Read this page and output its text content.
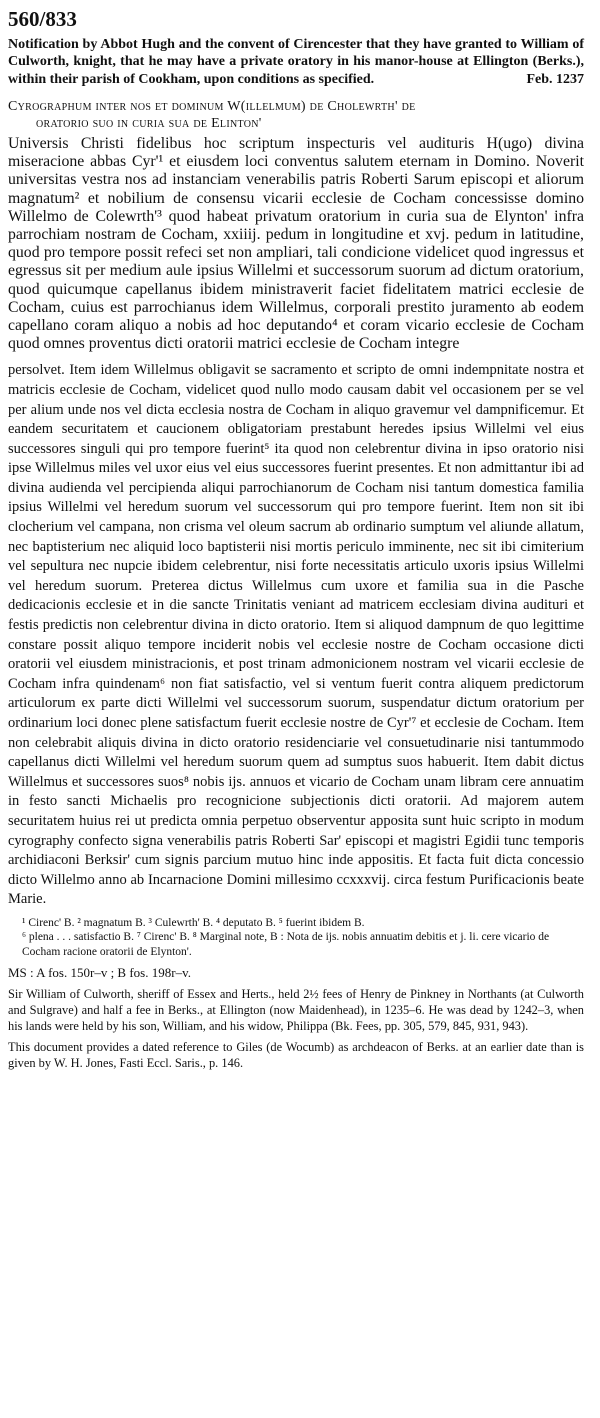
560/833

Notification by Abbot Hugh and the convent of Cirencester that they have granted to William of Culworth, knight, that he may have a private oratory in his manor-house at Ellington (Berks.), within their parish of Cookham, upon conditions as specified.	Feb. 1237

Cyrographum inter nos et dominum W(illelmum) de Cholewrth' de
oratorio suo in curia sua de Elinton'

Universis Christi fidelibus hoc scriptum inspecturis vel audituris H(ugo) divina miseracione abbas Cyr'¹ et eiusdem loci conventus salutem eternam in Domino. Noverit universitas vestra nos ad instanciam venerabilis patris Roberti Sarum episcopi et aliorum magnatum² et nobilium de consensu vicarii ecclesie de Cocham concessisse domino Willelmo de Colewrth'³ quod habeat privatum oratorium in curia sua de Elynton' infra parrochiam nostram de Cocham, xxiiij. pedum in longitudine et xvj. pedum in latitudine, quod pro tempore possit refeci set non ampliari, tali condicione videlicet quod ingressus et egressus sit per medium aule ipsius Willelmi et successorum suorum ad dictum oratorium, quod quicumque capellanus ibidem ministraverit faciet fidelitatem matrici ecclesie de Cocham, cuius est parrochianus idem Willelmus, corporali prestito juramento ab eodem capellano coram aliquo a nobis ad hoc deputando⁴ et coram vicario ecclesie de Cocham quod omnes proventus dicti oratorii matrici ecclesie de Cocham integre

persolvet. Item idem Willelmus obligavit se sacramento et scripto de omni indempnitate nostra et matricis ecclesie de Cocham, videlicet quod nullo modo causam dabit vel occasionem per se vel per alium unde nos vel dicta ecclesia nostra de Cocham in aliquo gravemur vel dampnificemur. Et eandem securitatem et caucionem obligatoriam prestabunt heredes ipsius Willelmi vel eius successores singuli qui pro tempore fuerint⁵ ita quod non celebrentur divina in ipso oratorio nisi ipse Willelmus miles vel uxor eius vel eius successores fuerint presentes. Et non admittantur ibi ad divina audienda vel percipienda aliqui parrochianorum de Cocham nisi tantum domestica familia ipsius Willelmi vel heredum suorum vel successorum qui pro tempore fuerint. Item non sit ibi clocherium vel campana, non crisma vel oleum sacrum ab ordinario sumptum vel aliunde allatum, nec baptisterium nec aliquid loco baptisterii nisi mortis periculo imminente, nec sit ibi cimiterium vel sepultura nec nupcie ibidem celebrentur, nisi forte necessitatis articulo uxoris ipsius Willelmi vel heredum suorum. Preterea dictus Willelmus cum uxore et familia sua in die Pasche dedicacionis ecclesie et in die sancte Trinitatis veniant ad matricem ecclesiam divina audituri et festis predictis non celebrentur divina in dicto oratorio. Item si aliquod dampnum de quo legittime constare possit aliquo tempore inciderit nobis vel ecclesie nostre de Cocham occasione dicti oratorii vel eiusdem ministracionis, et post trinam admonicionem nostram vel vicarii ecclesie de Cocham infra quindenam⁶ non fiat satisfactio, vel si ventum fuerit contra aliquem predictorum articulorum ex parte dicti Willelmi vel successorum suorum, suspendatur dictum oratorium per ordinarium loci donec plene satisfactum fuerit ecclesie nostre de Cyr'⁷ et ecclesie de Cocham. Item non celebrabit aliquis divina in dicto oratorio residenciarie vel consuetudinarie nisi tantummodo capellanus dicti Willelmi vel heredum suorum quem ad sumptus suos habuerit. Item dabit dictus Willelmus et successores suos⁸ nobis ijs. annuos et vicario de Cocham unam libram cere annuatim in festo sancti Michaelis pro recognicione subjectionis dicti oratorii. Ad majorem autem securitatem huius rei ut predicta omnia perpetuo observentur apposita sunt huic scripto in modum cyrography confecto signa venerabilis patris Roberti Sar' episcopi et magistri Egidii tunc temporis archidiaconi Berksir' cum signis parcium mutuo hinc inde appositis. Et facta fuit dicta concessio dicto Willelmo anno ab Incarnacione Domini millesimo ccxxxvij. circa festum Purificacionis beate Marie.

¹ Cirenc' B. ² magnatum B. ³ Culewrth' B. ⁴ deputato B. ⁵ fuerint ibidem B.

⁶ plena . . . satisfactio B. ⁷ Cirenc' B. ⁸ Marginal note, B : Nota de ijs. nobis annuatim debitis et j. li. cere vicario de Cocham racione oratorii de Elynton'.

MS : A fos. 150r–v ; B fos. 198r–v.

Sir William of Culworth, sheriff of Essex and Herts., held 2½ fees of Henry de Pinkney in Northants (at Culworth and Sulgrave) and half a fee in Berks., at Ellington (now Maidenhead), in 1235–6. He was dead by 1242–3, when his lands were held by his son, William, and his widow, Philippa (Bk. Fees, pp. 305, 579, 845, 931, 943).

This document provides a dated reference to Giles (de Wocumb) as archdeacon of Berks. at an earlier date than is given by W. H. Jones, Fasti Eccl. Saris., p. 146.
